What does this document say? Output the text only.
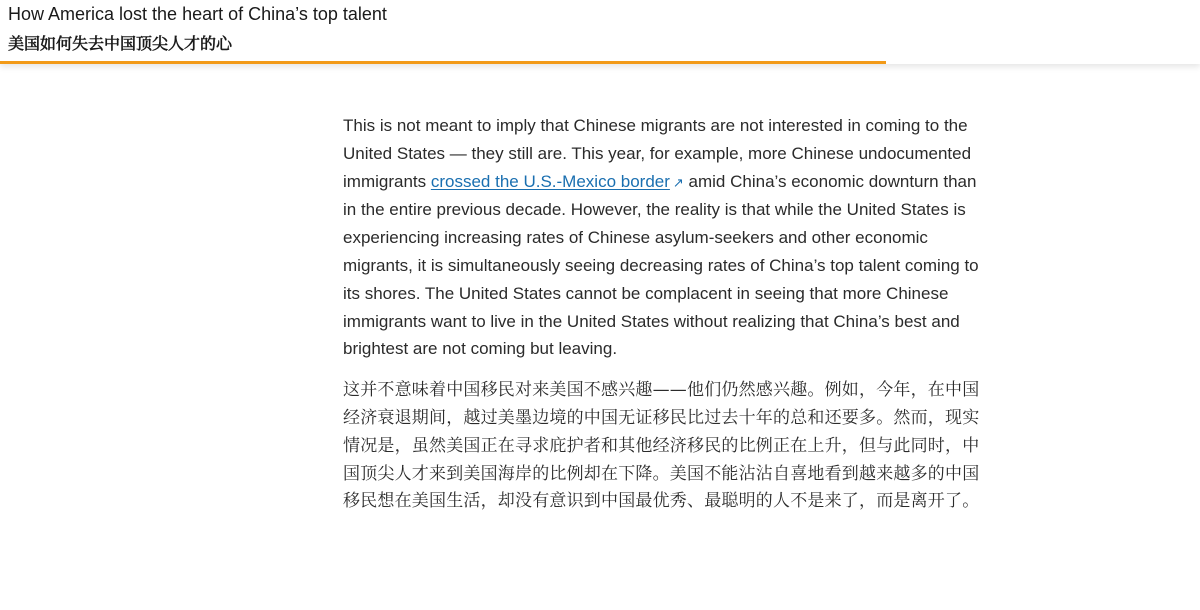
How America lost the heart of China’s top talent
美国如何失去中国顶尖人才的心

This is not meant to imply that Chinese migrants are not interested in coming to the United States — they still are. This year, for example, more Chinese undocumented immigrants crossed the U.S.-Mexico border ↗ amid China’s economic downturn than in the entire previous decade. However, the reality is that while the United States is experiencing increasing rates of Chinese asylum-seekers and other economic migrants, it is simultaneously seeing decreasing rates of China’s top talent coming to its shores. The United States cannot be complacent in seeing that more Chinese immigrants want to live in the United States without realizing that China’s best and brightest are not coming but leaving.

这并不意味着中国移民对来美国不感兴趣——他们仍然感兴趣。例如，今年，在中国经济衰退期间，越过美墨边境的中国无证移民比过去十年的总和还要多。然而，现实情况是，虽然美国正在寻求庇护者和其他经济移民的比例正在上升，但与此同时，中国顶尖人才来到美国海岸的比例却在下降。美国不能沾沾自喜地看到越来越多的中国移民想在美国生活，却没有意识到中国最优秀、最聪明的人不是来了，而是离开了。
